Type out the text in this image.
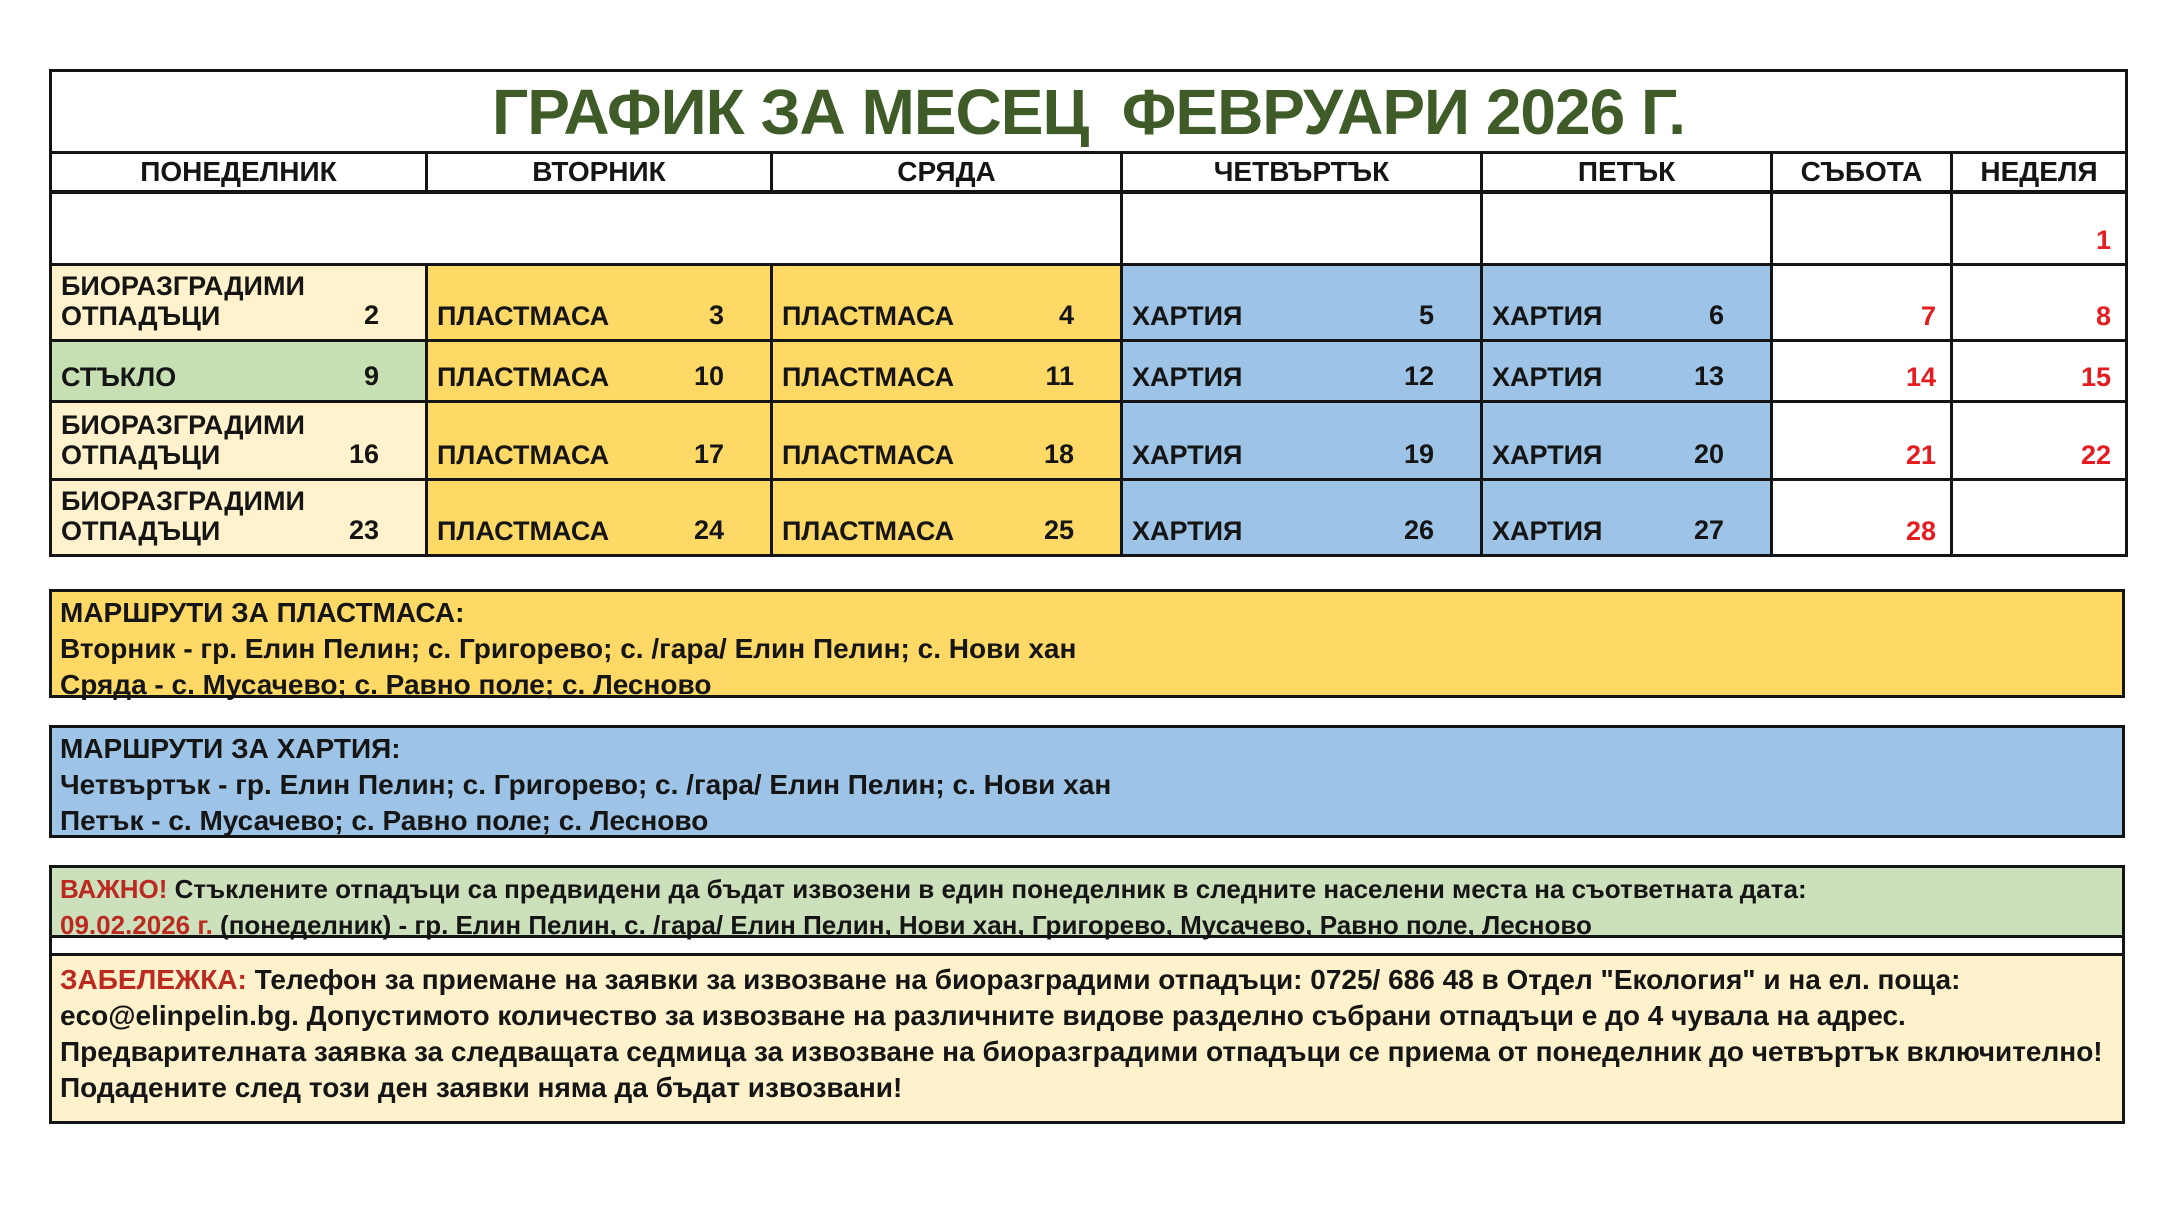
ГРАФИК ЗА МЕСЕЦ  ФЕВРУАРИ 2026 Г.						
ПОНЕДЕЛНИК	ВТОРНИК	СРЯДА	ЧЕТВЪРТЪК	ПЕТЪК	СЪБОТА	НЕДЕЛЯ
						1

БИОРАЗГРАДИМИ ОТПАДЪЦИ 2	ПЛАСТМАСА 3	ПЛАСТМАСА 4	ХАРТИЯ 5	ХАРТИЯ 6	7	8

СТЪКЛО 9	ПЛАСТМАСА 10	ПЛАСТМАСА 11	ХАРТИЯ 12	ХАРТИЯ 13	14	15

БИОРАЗГРАДИМИ ОТПАДЪЦИ 16	ПЛАСТМАСА 17	ПЛАСТМАСА 18	ХАРТИЯ 19	ХАРТИЯ 20	21	22

БИОРАЗГРАДИМИ ОТПАДЪЦИ 23	ПЛАСТМАСА 24	ПЛАСТМАСА 25	ХАРТИЯ 26	ХАРТИЯ 27	28	
МАРШРУТИ ЗА ПЛАСТМАСА:
Вторник - гр. Елин Пелин; с. Григорево; с. /гара/ Елин Пелин; с. Нови хан
Сряда - с. Мусачево; с. Равно поле; с. Лесново
МАРШРУТИ ЗА ХАРТИЯ:
Четвъртък - гр. Елин Пелин; с. Григорево; с. /гара/ Елин Пелин; с. Нови хан
Петък - с. Мусачево; с. Равно поле; с. Лесново
ВАЖНО! Стъклените отпадъци са предвидени да бъдат извозени в един понеделник в следните населени места на съответната дата:
09.02.2026 г. (понеделник) - гр. Елин Пелин, с. /гара/ Елин Пелин, Нови хан, Григорево, Мусачево, Равно поле, Лесново
ЗАБЕЛЕЖКА: Телефон за приемане на заявки за извозване на биоразградими отпадъци: 0725/ 686 48 в Отдел "Екология" и на ел. поща: eco@elinpelin.bg. Допустимото количество за извозване на различните видове разделно събрани отпадъци е до 4 чувала на адрес. Предварителната заявка за следващата седмица за извозване на биоразградими отпадъци се приема от понеделник до четвъртък включително! Подадените след този ден заявки няма да бъдат извозвани!
